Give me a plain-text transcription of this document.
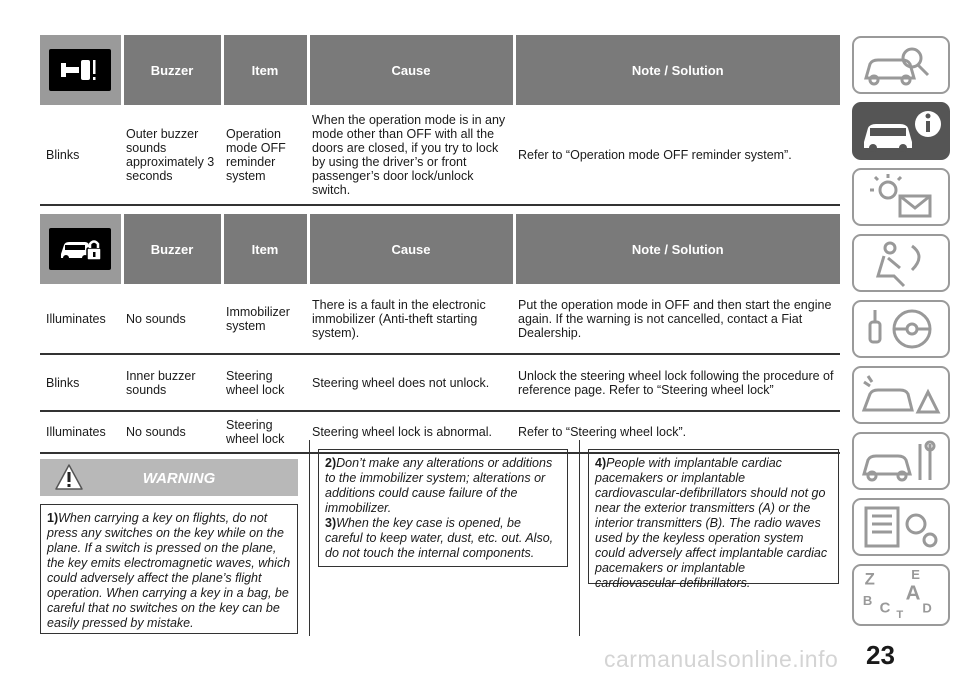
	Buzzer	Item	Cause	Note / Solution
Blinks	Outer buzzer sounds approximately 3 seconds	Operation mode OFF reminder system	When the operation mode is in any mode other than OFF with all the doors are closed, if you try to lock by using the driver’s or front passenger’s door lock/unlock switch.	Refer to “Operation mode OFF reminder system”.
	Buzzer	Item	Cause	Note / Solution
Illuminates	No sounds	Immobilizer system	There is a fault in the electronic immobilizer (Anti-theft starting system).	Put the operation mode in OFF and then start the engine again. If the warning is not cancelled, contact a Fiat Dealership.
Blinks	Inner buzzer sounds	Steering wheel lock	Steering wheel does not unlock.	Unlock the steering wheel lock following the procedure of reference page. Refer to “Steering wheel lock”
Illuminates	No sounds	Steering wheel lock	Steering wheel lock is abnormal.	Refer to “Steering wheel lock”.
WARNING

1)When carrying a key on flights, do not press any switches on the key while on the plane. If a switch is pressed on the plane, the key emits electromagnetic waves, which could adversely affect the plane’s flight operation. When carrying a key in a bag, be careful that no switches on the key can be easily pressed by mistake.

2)Don’t make any alterations or additions to the immobilizer system; alterations or additions could cause failure of the immobilizer.

3)When the key case is opened, be careful to keep water, dust, etc. out. Also, do not touch the internal components.

4)People with implantable cardiac pacemakers or implantable cardiovascular-defibrillators should not go near the exterior transmitters (A) or the interior transmitters (B). The radio waves used by the keyless operation system could adversely affect implantable cardiac pacemakers or implantable cardiovascular-defibrillators.	Z	E
A
B C D
T
23
carmanualsonline.info
